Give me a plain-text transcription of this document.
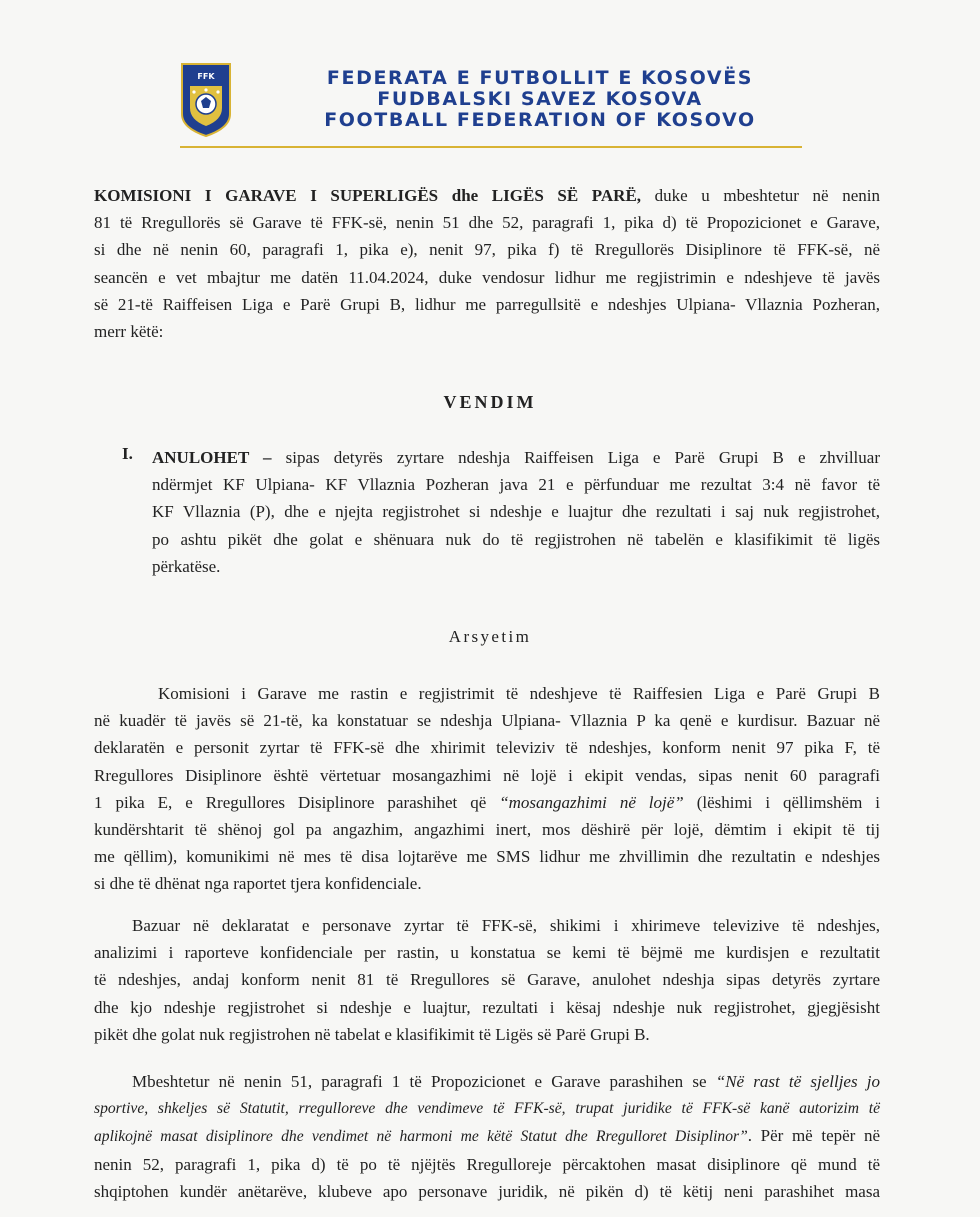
FFK	FEDERATA E FUTBOLLIT E KOSOVËS
FUDBALSKI SAVEZ KOSOVA
FOOTBALL FEDERATION OF KOSOVO
KOMISIONI I GARAVE I SUPERLIGËS dhe LIGËS SË PARË, duke u mbeshtetur në nenin
81 të Rregullorës së Garave të FFK-së, nenin 51 dhe 52, paragrafi 1, pika d) të Propozicionet e Garave,
si dhe në nenin 60, paragrafi 1, pika e), nenit 97, pika f) të Rregullorës Disiplinore të FFK-së, në
seancën e vet mbajtur me datën 11.04.2024, duke vendosur lidhur me regjistrimin e ndeshjeve të javës
së 21-të Raiffeisen Liga e Parë Grupi B, lidhur me parregullsitë e ndeshjes Ulpiana- Vllaznia Pozheran,
merr këtë:
VENDIM
I. ANULOHET – sipas detyrës zyrtare ndeshja Raiffeisen Liga e Parë Grupi B e zhvilluar
ndërmjet KF Ulpiana- KF Vllaznia Pozheran java 21 e përfunduar me rezultat 3:4 në favor të
KF Vllaznia (P), dhe e njejta regjistrohet si ndeshje e luajtur dhe rezultati i saj nuk regjistrohet,
po ashtu pikët dhe golat e shënuara nuk do të regjistrohen në tabelën e klasifikimit të ligës
përkatëse.
Arsyetim
Komisioni i Garave me rastin e regjistrimit të ndeshjeve të Raiffesien Liga e Parë Grupi B
në kuadër të javës së 21-të, ka konstatuar se ndeshja Ulpiana- Vllaznia P ka qenë e kurdisur. Bazuar në
deklaratën e personit zyrtar të FFK-së dhe xhirimit televiziv të ndeshjes, konform nenit 97 pika F, të
Rregullores Disiplinore është vërtetuar mosangazhimi në lojë i ekipit vendas, sipas nenit 60 paragrafi
1 pika E, e Rregullores Disiplinore parashihet që “mosangazhimi në lojë” (lëshimi i qëllimshëm i
kundërshtarit të shënoj gol pa angazhim, angazhimi inert, mos dëshirë për lojë, dëmtim i ekipit të tij
me qëllim), komunikimi në mes të disa lojtarëve me SMS lidhur me zhvillimin dhe rezultatin e ndeshjes
si dhe të dhënat nga raportet tjera konfidenciale.
Bazuar në deklaratat e personave zyrtar të FFK-së, shikimi i xhirimeve televizive të ndeshjes,
analizimi i raporteve konfidenciale per rastin, u konstatua se kemi të bëjmë me kurdisjen e rezultatit
të ndeshjes, andaj konform nenit 81 të Rregullores së Garave, anulohet ndeshja sipas detyrës zyrtare
dhe kjo ndeshje regjistrohet si ndeshje e luajtur, rezultati i kësaj ndeshje nuk regjistrohet, gjegjësisht
pikët dhe golat nuk regjistrohen në tabelat e klasifikimit të Ligës së Parë Grupi B.
Mbeshtetur në nenin 51, paragrafi 1 të Propozicionet e Garave parashihen se “Në rast të sjelljes jo
sportive, shkeljes së Statutit, rregulloreve dhe vendimeve të FFK-së, trupat juridike të FFK-së kanë autorizim të
aplikojnë masat disiplinore dhe vendimet në harmoni me këtë Statut dhe Rregulloret Disiplinor”. Për më tepër në
nenin 52, paragrafi 1, pika d) të po të njëjtës Rregulloreje përcaktohen masat disiplinore që mund të
shqiptohen kundër anëtarëve, klubeve apo personave juridik, në pikën d) të këtij neni parashihet masa
